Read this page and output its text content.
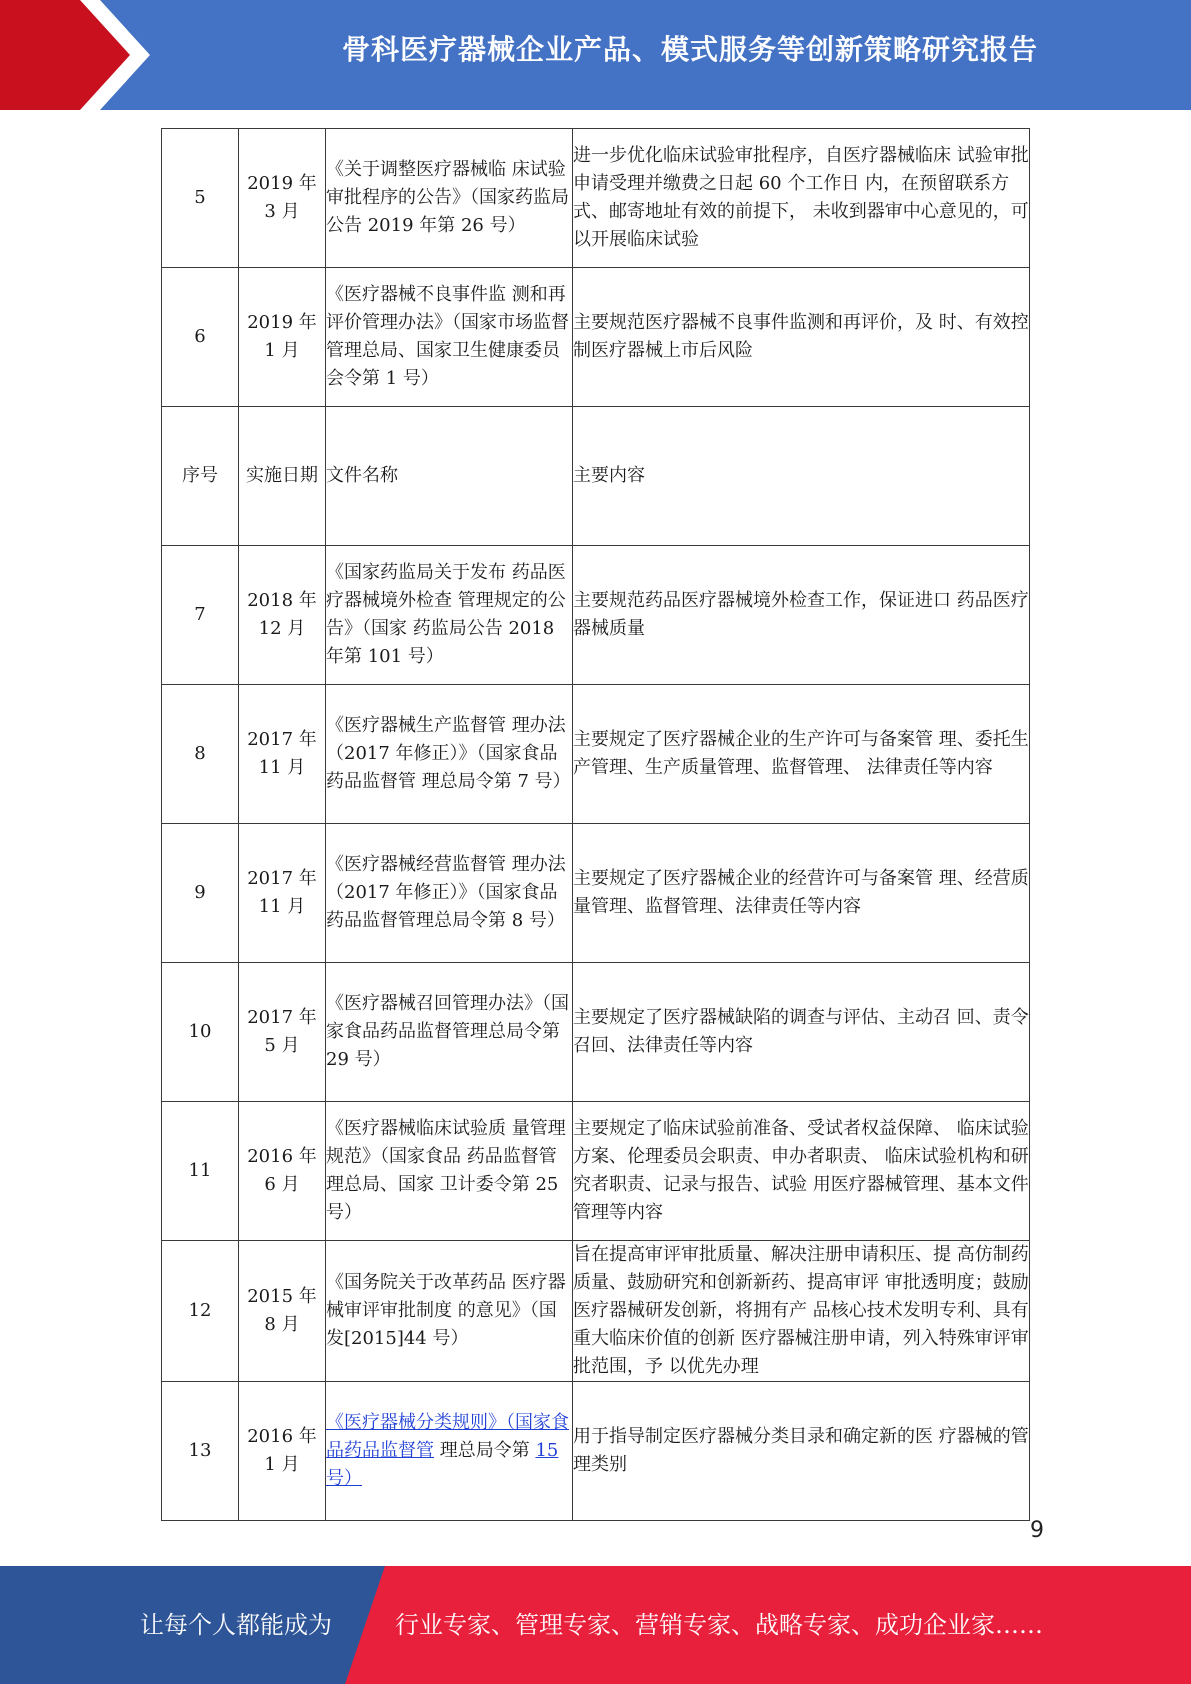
骨科医疗器械企业产品、模式服务等创新策略研究报告
5	2019 年 3 月	《关于调整医疗器械临 床试验审批程序的公告》（国家药监局公告 2019 年第 26 号）	进一步优化临床试验审批程序，自医疗器械临床 试验审批申请受理并缴费之日起 60 个工作日 内，在预留联系方式、邮寄地址有效的前提下， 未收到器审中心意见的，可以开展临床试验
6	2019 年 1 月	《医疗器械不良事件监 测和再评价管理办法》（国家市场监督管理总局、国家卫生健康委员会令第 1 号）	主要规范医疗器械不良事件监测和再评价，及 时、有效控制医疗器械上市后风险
序号	实施日期	文件名称	主要内容
7	2018 年 12 月	《国家药监局关于发布 药品医疗器械境外检查 管理规定的公告》（国家 药监局公告 2018 年第 101 号）	主要规范药品医疗器械境外检查工作，保证进口 药品医疗器械质量
8	2017 年 11 月	《医疗器械生产监督管 理办法（2017 年修正）》（国家食品药品监督管 理总局令第 7 号）	主要规定了医疗器械企业的生产许可与备案管 理、委托生产管理、生产质量管理、监督管理、 法律责任等内容
9	2017 年 11 月	《医疗器械经营监督管 理办法（2017 年修正）》（国家食品药品监督管理总局令第 8 号）	主要规定了医疗器械企业的经营许可与备案管 理、经营质量管理、监督管理、法律责任等内容
10	2017 年 5 月	《医疗器械召回管理办法》（国家食品药品监督管理总局令第 29 号）	主要规定了医疗器械缺陷的调查与评估、主动召 回、责令召回、法律责任等内容
11	2016 年 6 月	《医疗器械临床试验质 量管理规范》（国家食品 药品监督管理总局、国家 卫计委令第 25 号）	主要规定了临床试验前准备、受试者权益保障、 临床试验方案、伦理委员会职责、申办者职责、 临床试验机构和研究者职责、记录与报告、试验 用医疗器械管理、基本文件管理等内容
12	2015 年 8 月	《国务院关于改革药品 医疗器械审评审批制度 的意见》（国发[2015]44 号）	旨在提高审评审批质量、解决注册申请积压、提 高仿制药质量、鼓励研究和创新新药、提高审评 审批透明度；鼓励医疗器械研发创新，将拥有产 品核心技术发明专利、具有重大临床价值的创新 医疗器械注册申请，列入特殊审评审批范围，予 以优先办理
13	2016 年 1 月	《医疗器械分类规则》（国家食品药品监督管 理总局令第 15 号）	用于指导制定医疗器械分类目录和确定新的医 疗器械的管理类别
9
让每个人都能成为	行业专家、管理专家、营销专家、战略专家、成功企业家……
